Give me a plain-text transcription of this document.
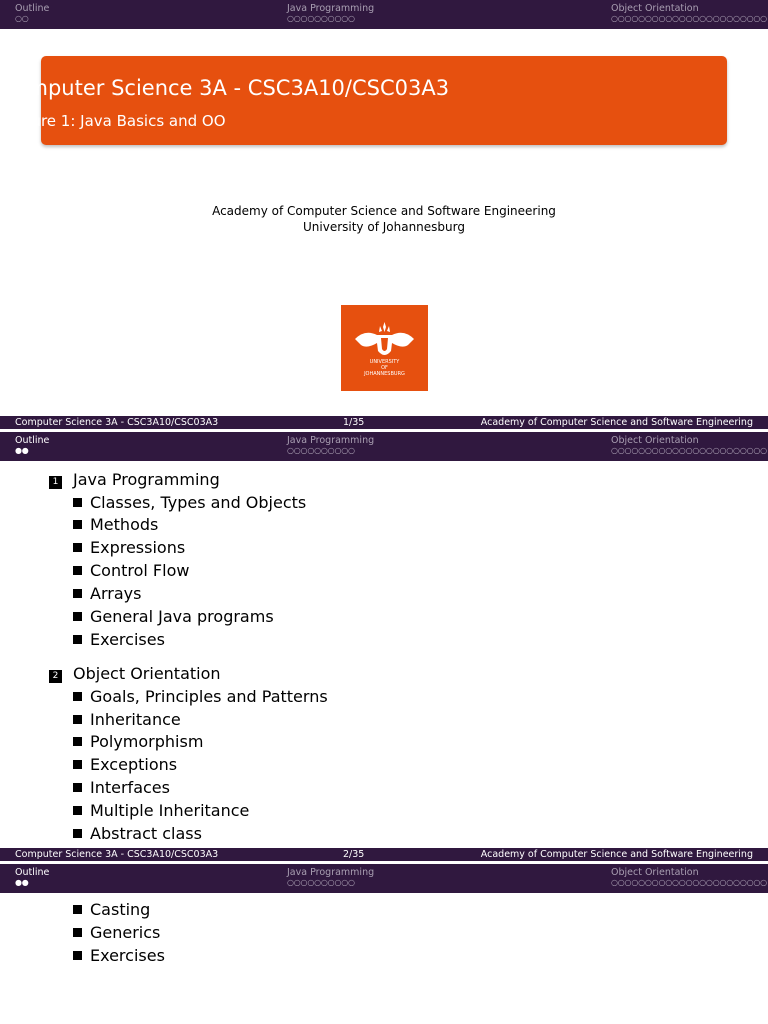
Outline
○○
Java Programming
○○○○○○○○○○
Object Orientation
○○○○○○○○○○○○○○○○○○○○○○○
Computer Science 3A - CSC3A10/CSC03A3
Lecture 1: Java Basics and OO
Academy of Computer Science and Software Engineering
University of Johannesburg
UNIVERSITY
OF
JOHANNESBURG
Computer Science 3A - CSC3A10/CSC03A3	1/35	Academy of Computer Science and Software Engineering
Outline
●●
Java Programming
○○○○○○○○○○
Object Orientation
○○○○○○○○○○○○○○○○○○○○○○○
1 Java Programming
Classes, Types and Objects
Methods
Expressions
Control Flow
Arrays
General Java programs
Exercises
2 Object Orientation
Goals, Principles and Patterns
Inheritance
Polymorphism
Exceptions
Interfaces
Multiple Inheritance
Abstract class
Computer Science 3A - CSC3A10/CSC03A3	2/35	Academy of Computer Science and Software Engineering
Outline
●●
Java Programming
○○○○○○○○○○
Object Orientation
○○○○○○○○○○○○○○○○○○○○○○○
Casting
Generics
Exercises
